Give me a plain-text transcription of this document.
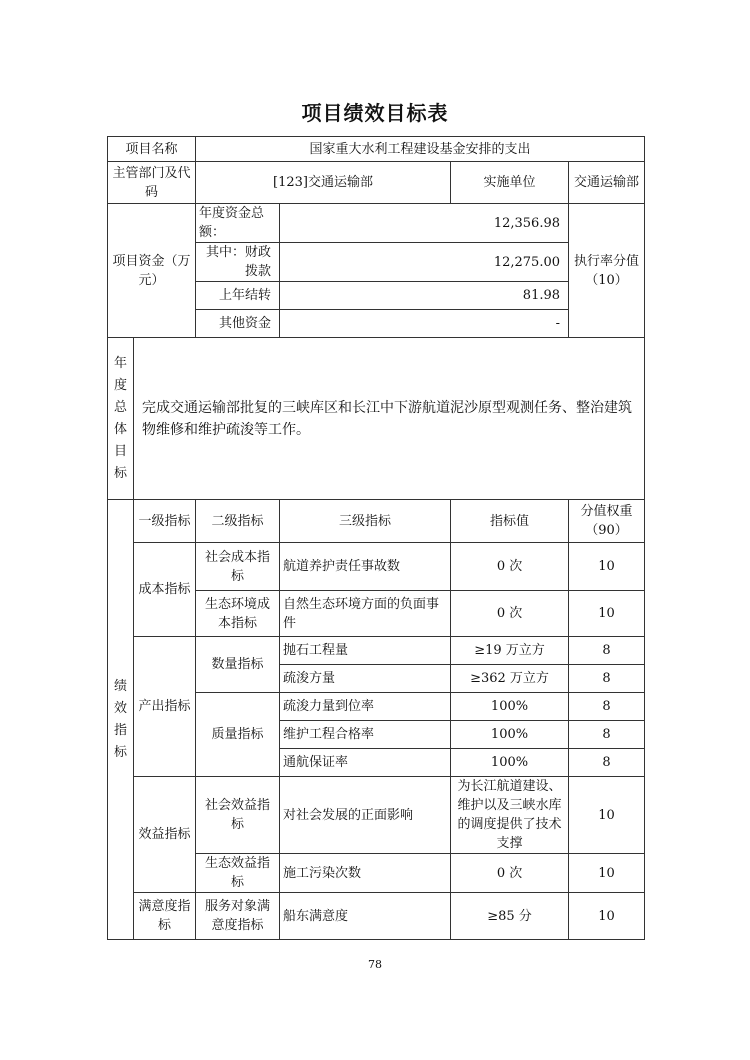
项目绩效目标表
项目名称		国家重大水利工程建设基金安排的支出			
主管部门及代码		[123]交通运输部		实施单位	交通运输部
项目资金（万元）		年度资金总额：	12,356.98		执行率分值（10）
		其中：财政拨款	12,275.00		
		上年结转	81.98		
		其他资金	-		
年度总体目标	完成交通运输部批复的三峡库区和长江中下游航道泥沙原型观测任务、整治建筑物维修和维护疏浚等工作。				
绩效指标	一级指标	二级指标	三级指标	指标值	分值权重（90）
	成本指标	社会成本指标	航道养护责任事故数	0 次	10
		生态环境成本指标	自然生态环境方面的负面事件	0 次	10
	产出指标	数量指标	抛石工程量	≥19 万立方	8
			疏浚方量	≥362 万立方	8
		质量指标	疏浚力量到位率	100%	8
			维护工程合格率	100%	8
			通航保证率	100%	8
	效益指标	社会效益指标	对社会发展的正面影响	为长江航道建设、维护以及三峡水库的调度提供了技术支撑	10
		生态效益指标	施工污染次数	0 次	10
	满意度指标	服务对象满意度指标	船东满意度	≥85 分	10
78
